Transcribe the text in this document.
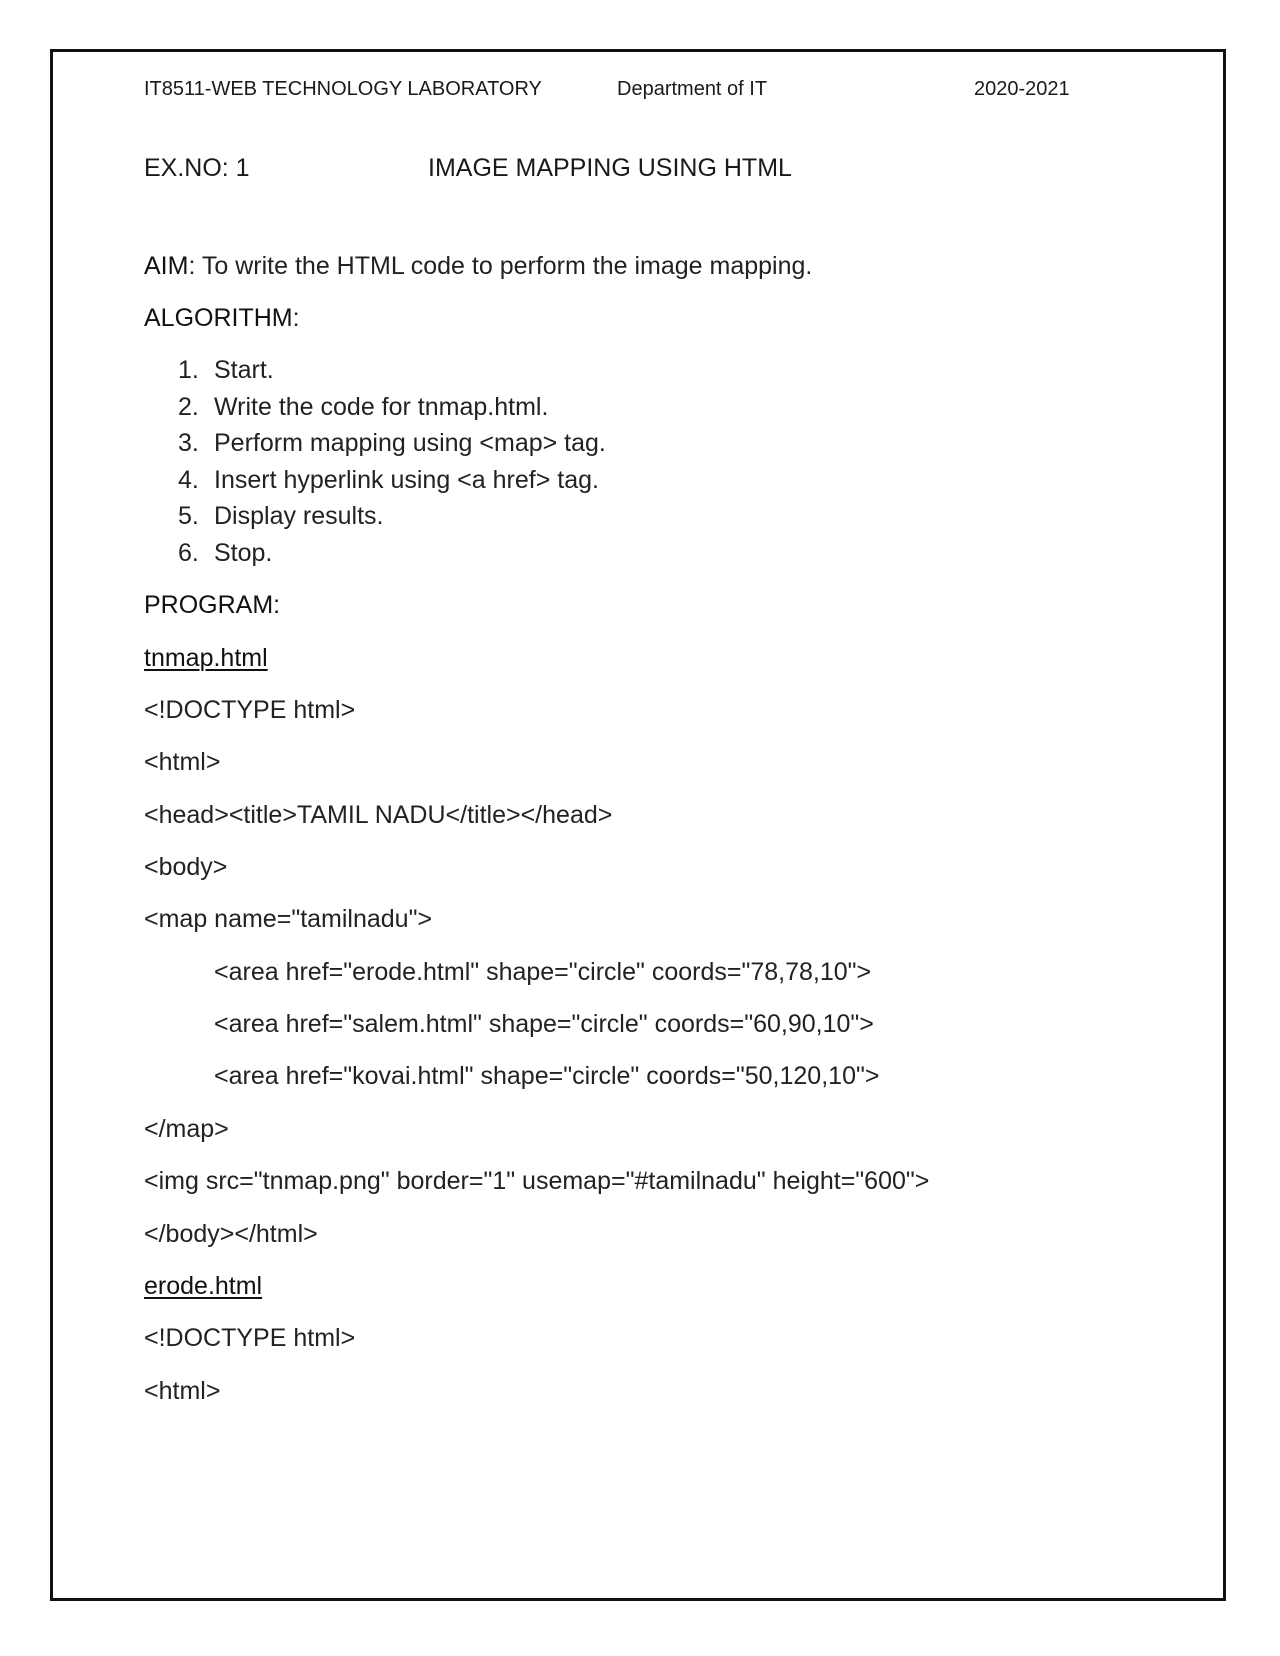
IT8511-WEB TECHNOLOGY LABORATORY	Department of IT	2020-2021
EX.NO: 1	IMAGE MAPPING USING HTML
AIM: To write the HTML code to perform the image mapping.
ALGORITHM:
1. Start.
2. Write the code for tnmap.html.
3. Perform mapping using <map> tag.
4. Insert hyperlink using <a href> tag.
5. Display results.
6. Stop.
PROGRAM:
tnmap.html
<!DOCTYPE html>
<html>
<head><title>TAMIL NADU</title></head>
<body>
<map name="tamilnadu">
<area href="erode.html" shape="circle" coords="78,78,10">
<area href="salem.html" shape="circle" coords="60,90,10">
<area href="kovai.html" shape="circle" coords="50,120,10">
</map>
<img src="tnmap.png" border="1" usemap="#tamilnadu" height="600">
</body></html>
erode.html
<!DOCTYPE html>
<html>
